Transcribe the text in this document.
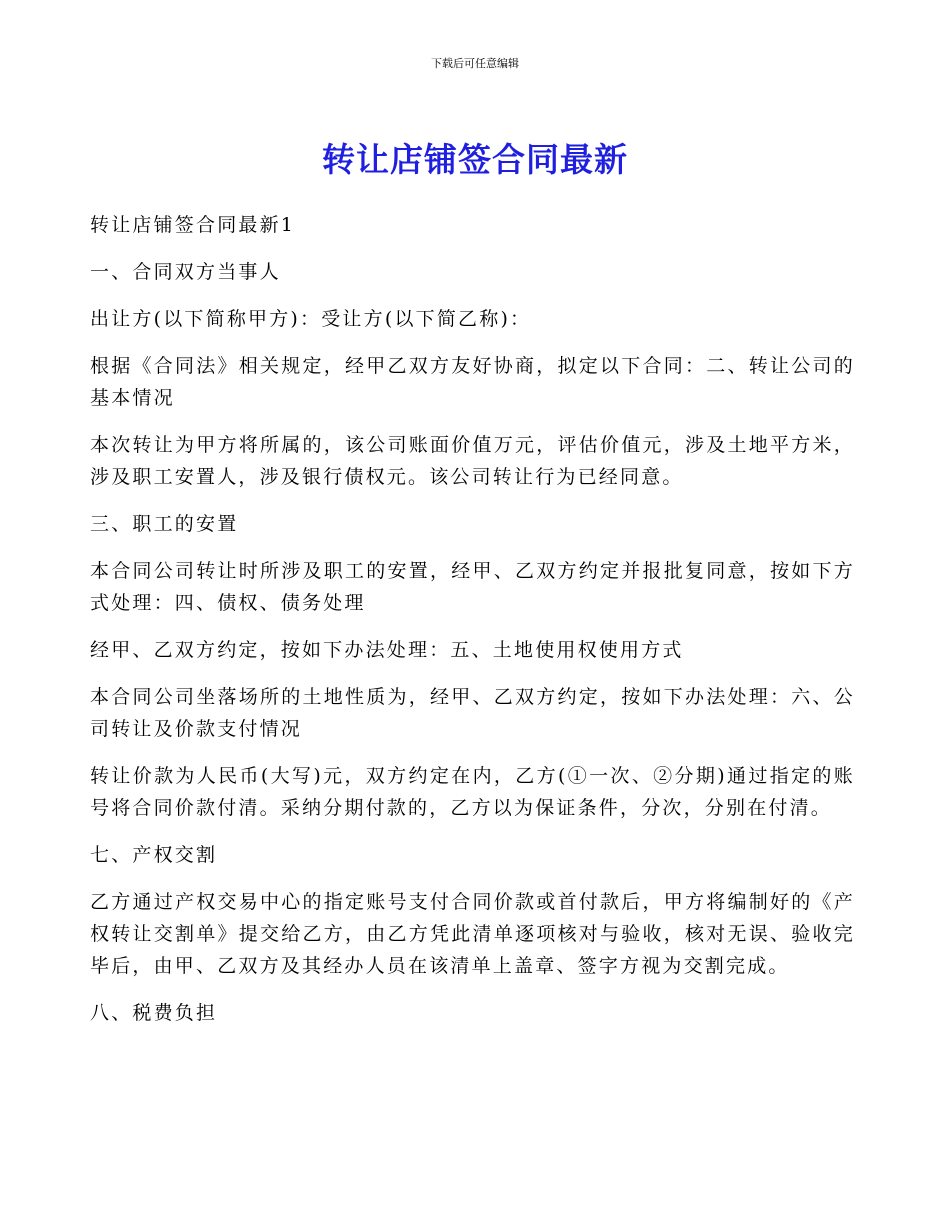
下载后可任意编辑
转让店铺签合同最新

转让店铺签合同最新1

一、合同双方当事人

出让方(以下简称甲方)：受让方(以下简乙称)：

根据《合同法》相关规定，经甲乙双方友好协商，拟定以下合同：二、转让公司的基本情况

本次转让为甲方将所属的，该公司账面价值万元，评估价值元，涉及土地平方米，涉及职工安置人，涉及银行债权元。该公司转让行为已经同意。

三、职工的安置

本合同公司转让时所涉及职工的安置，经甲、乙双方约定并报批复同意，按如下方式处理：四、债权、债务处理

经甲、乙双方约定，按如下办法处理：五、土地使用权使用方式

本合同公司坐落场所的土地性质为，经甲、乙双方约定，按如下办法处理：六、公司转让及价款支付情况

转让价款为人民币(大写)元，双方约定在内，乙方(①一次、②分期)通过指定的账号将合同价款付清。采纳分期付款的，乙方以为保证条件，分次，分别在付清。

七、产权交割

乙方通过产权交易中心的指定账号支付合同价款或首付款后，甲方将编制好的《产权转让交割单》提交给乙方，由乙方凭此清单逐项核对与验收，核对无误、验收完毕后，由甲、乙双方及其经办人员在该清单上盖章、签字方视为交割完成。

八、税费负担
